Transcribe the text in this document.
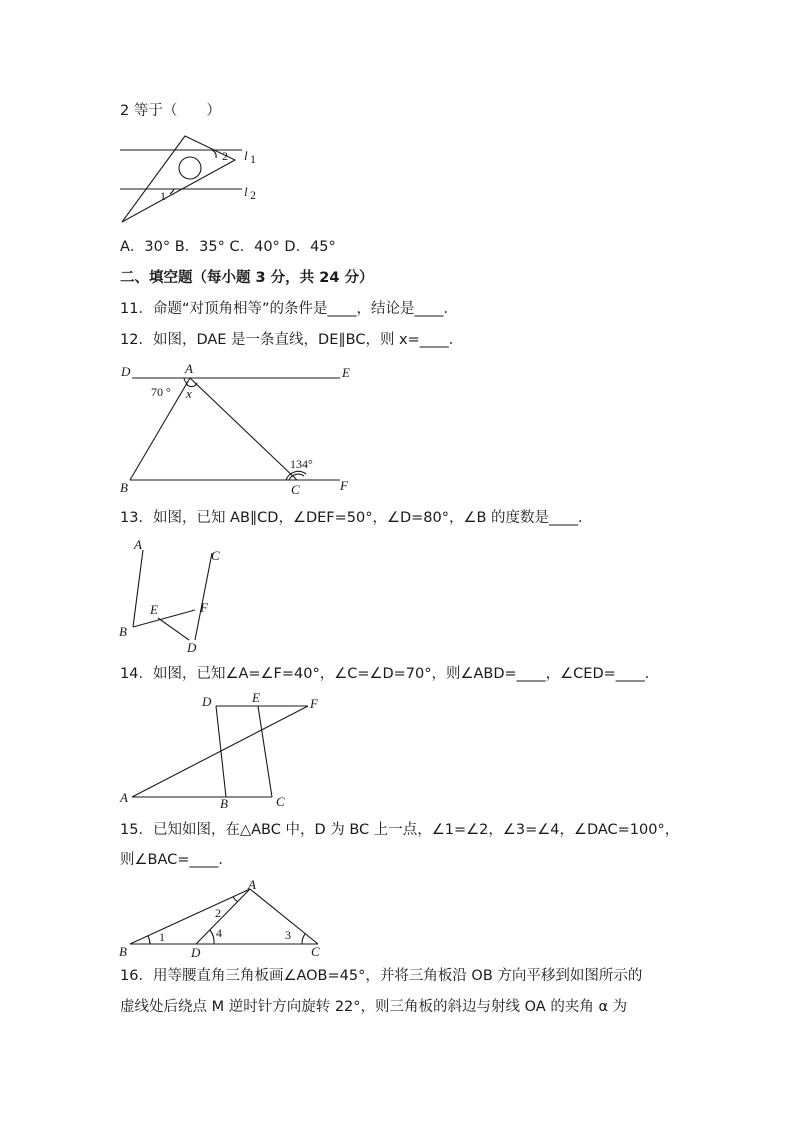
2 等于（　　）
l 1
l 2
2
1
A．30° B．35° C．40° D．45°
二、填空题（每小题 3 分，共 24 分）
11．命题“对顶角相等”的条件是____，结论是____．
12．如图，DAE 是一条直线，DE∥BC，则 x=____．
D	A	E
B	C	F
x
70 °
134°
13．如图，已知 AB∥CD，∠DEF=50°，∠D=80°，∠B 的度数是____．
A
C
E	F
B
D
14．如图，已知∠A=∠F=40°，∠C=∠D=70°，则∠ABD=____，∠CED=____．
D	E	F
A	B	C
15．已知如图，在△ABC 中，D 为 BC 上一点，∠1=∠2，∠3=∠4，∠DAC=100°，
则∠BAC=____．
A
B	D	C
1
2
4	3
16．用等腰直角三角板画∠AOB=45°，并将三角板沿 OB 方向平移到如图所示的
虚线处后绕点 M 逆时针方向旋转 22°，则三角板的斜边与射线 OA 的夹角 α 为
